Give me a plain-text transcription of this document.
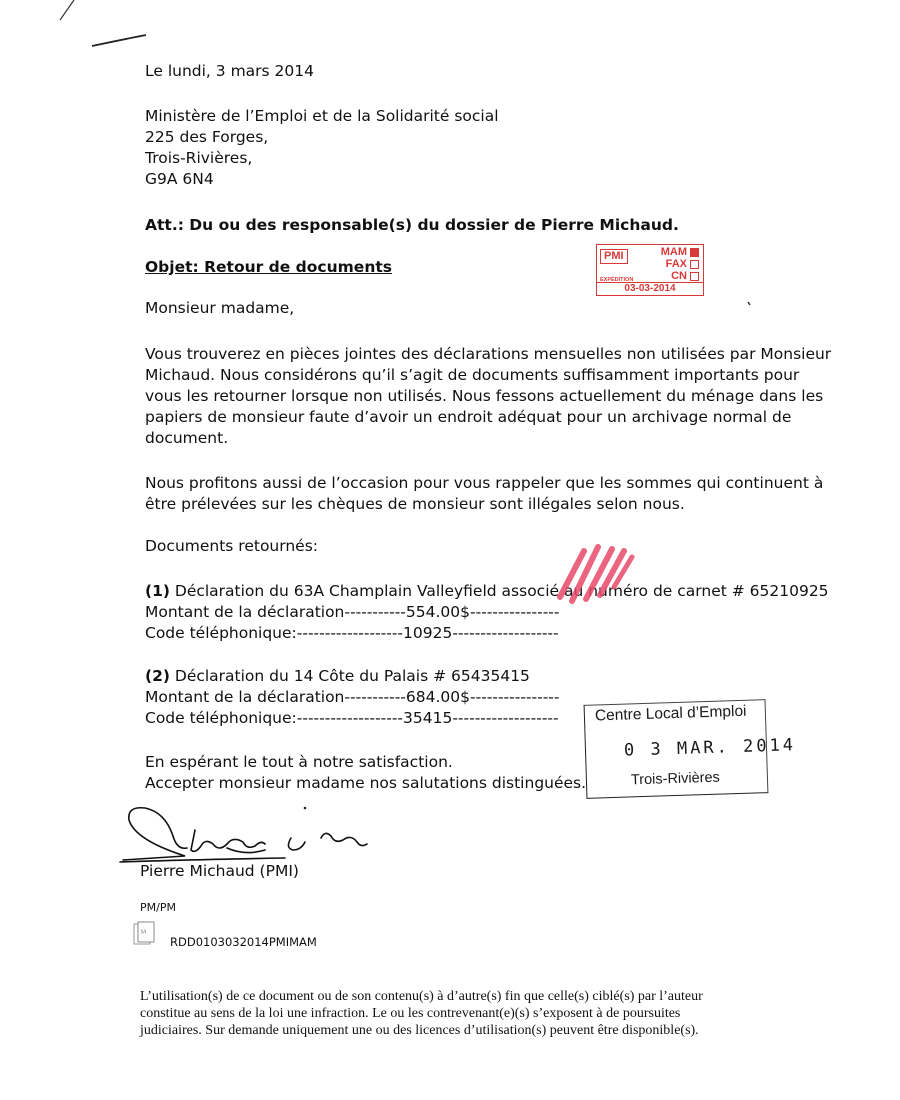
Le lundi, 3 mars 2014
Ministère de l’Emploi et de la Solidarité social
225 des Forges,
Trois-Rivières,
G9A 6N4
Att.: Du ou des responsable(s) du dossier de Pierre Michaud.
Objet: Retour de documents
PMI	MAM
FAX
CN
EXPÉDITION
03-03-2014
Monsieur madame,
Vous trouverez en pièces jointes des déclarations mensuelles non utilisées par Monsieur
Michaud. Nous considérons qu’il s’agit de documents suffisamment importants pour
vous les retourner lorsque non utilisés. Nous fessons actuellement du ménage dans les
papiers de monsieur faute d’avoir un endroit adéquat pour un archivage normal de
document.
Nous profitons aussi de l’occasion pour vous rappeler que les sommes qui continuent à
être prélevées sur les chèques de monsieur sont illégales selon nous.
Documents retournés:
(1) Déclaration du 63A Champlain Valleyfield associé au numéro de carnet # 65210925
Montant de la déclaration-----------554.00$----------------
Code téléphonique:-------------------10925-------------------
(2) Déclaration du 14 Côte du Palais # 65435415
Montant de la déclaration-----------684.00$----------------
Code téléphonique:-------------------35415------------------- Centre Local d’Emploi
0 3 MAR. 2014
Trois-Rivières
En espérant le tout à notre satisfaction.
Accepter monsieur madame nos salutations distinguées.
Pierre Michaud (PMI)
PM/PM
M
RDD0103032014PMIMAM
L’utilisation(s) de ce document ou de son contenu(s) à d’autre(s) fin que celle(s) ciblé(s) par l’auteur
constitue au sens de la loi une infraction. Le ou les contrevenant(e)(s) s’exposent à de poursuites
judiciaires. Sur demande uniquement une ou des licences d’utilisation(s) peuvent être disponible(s).
